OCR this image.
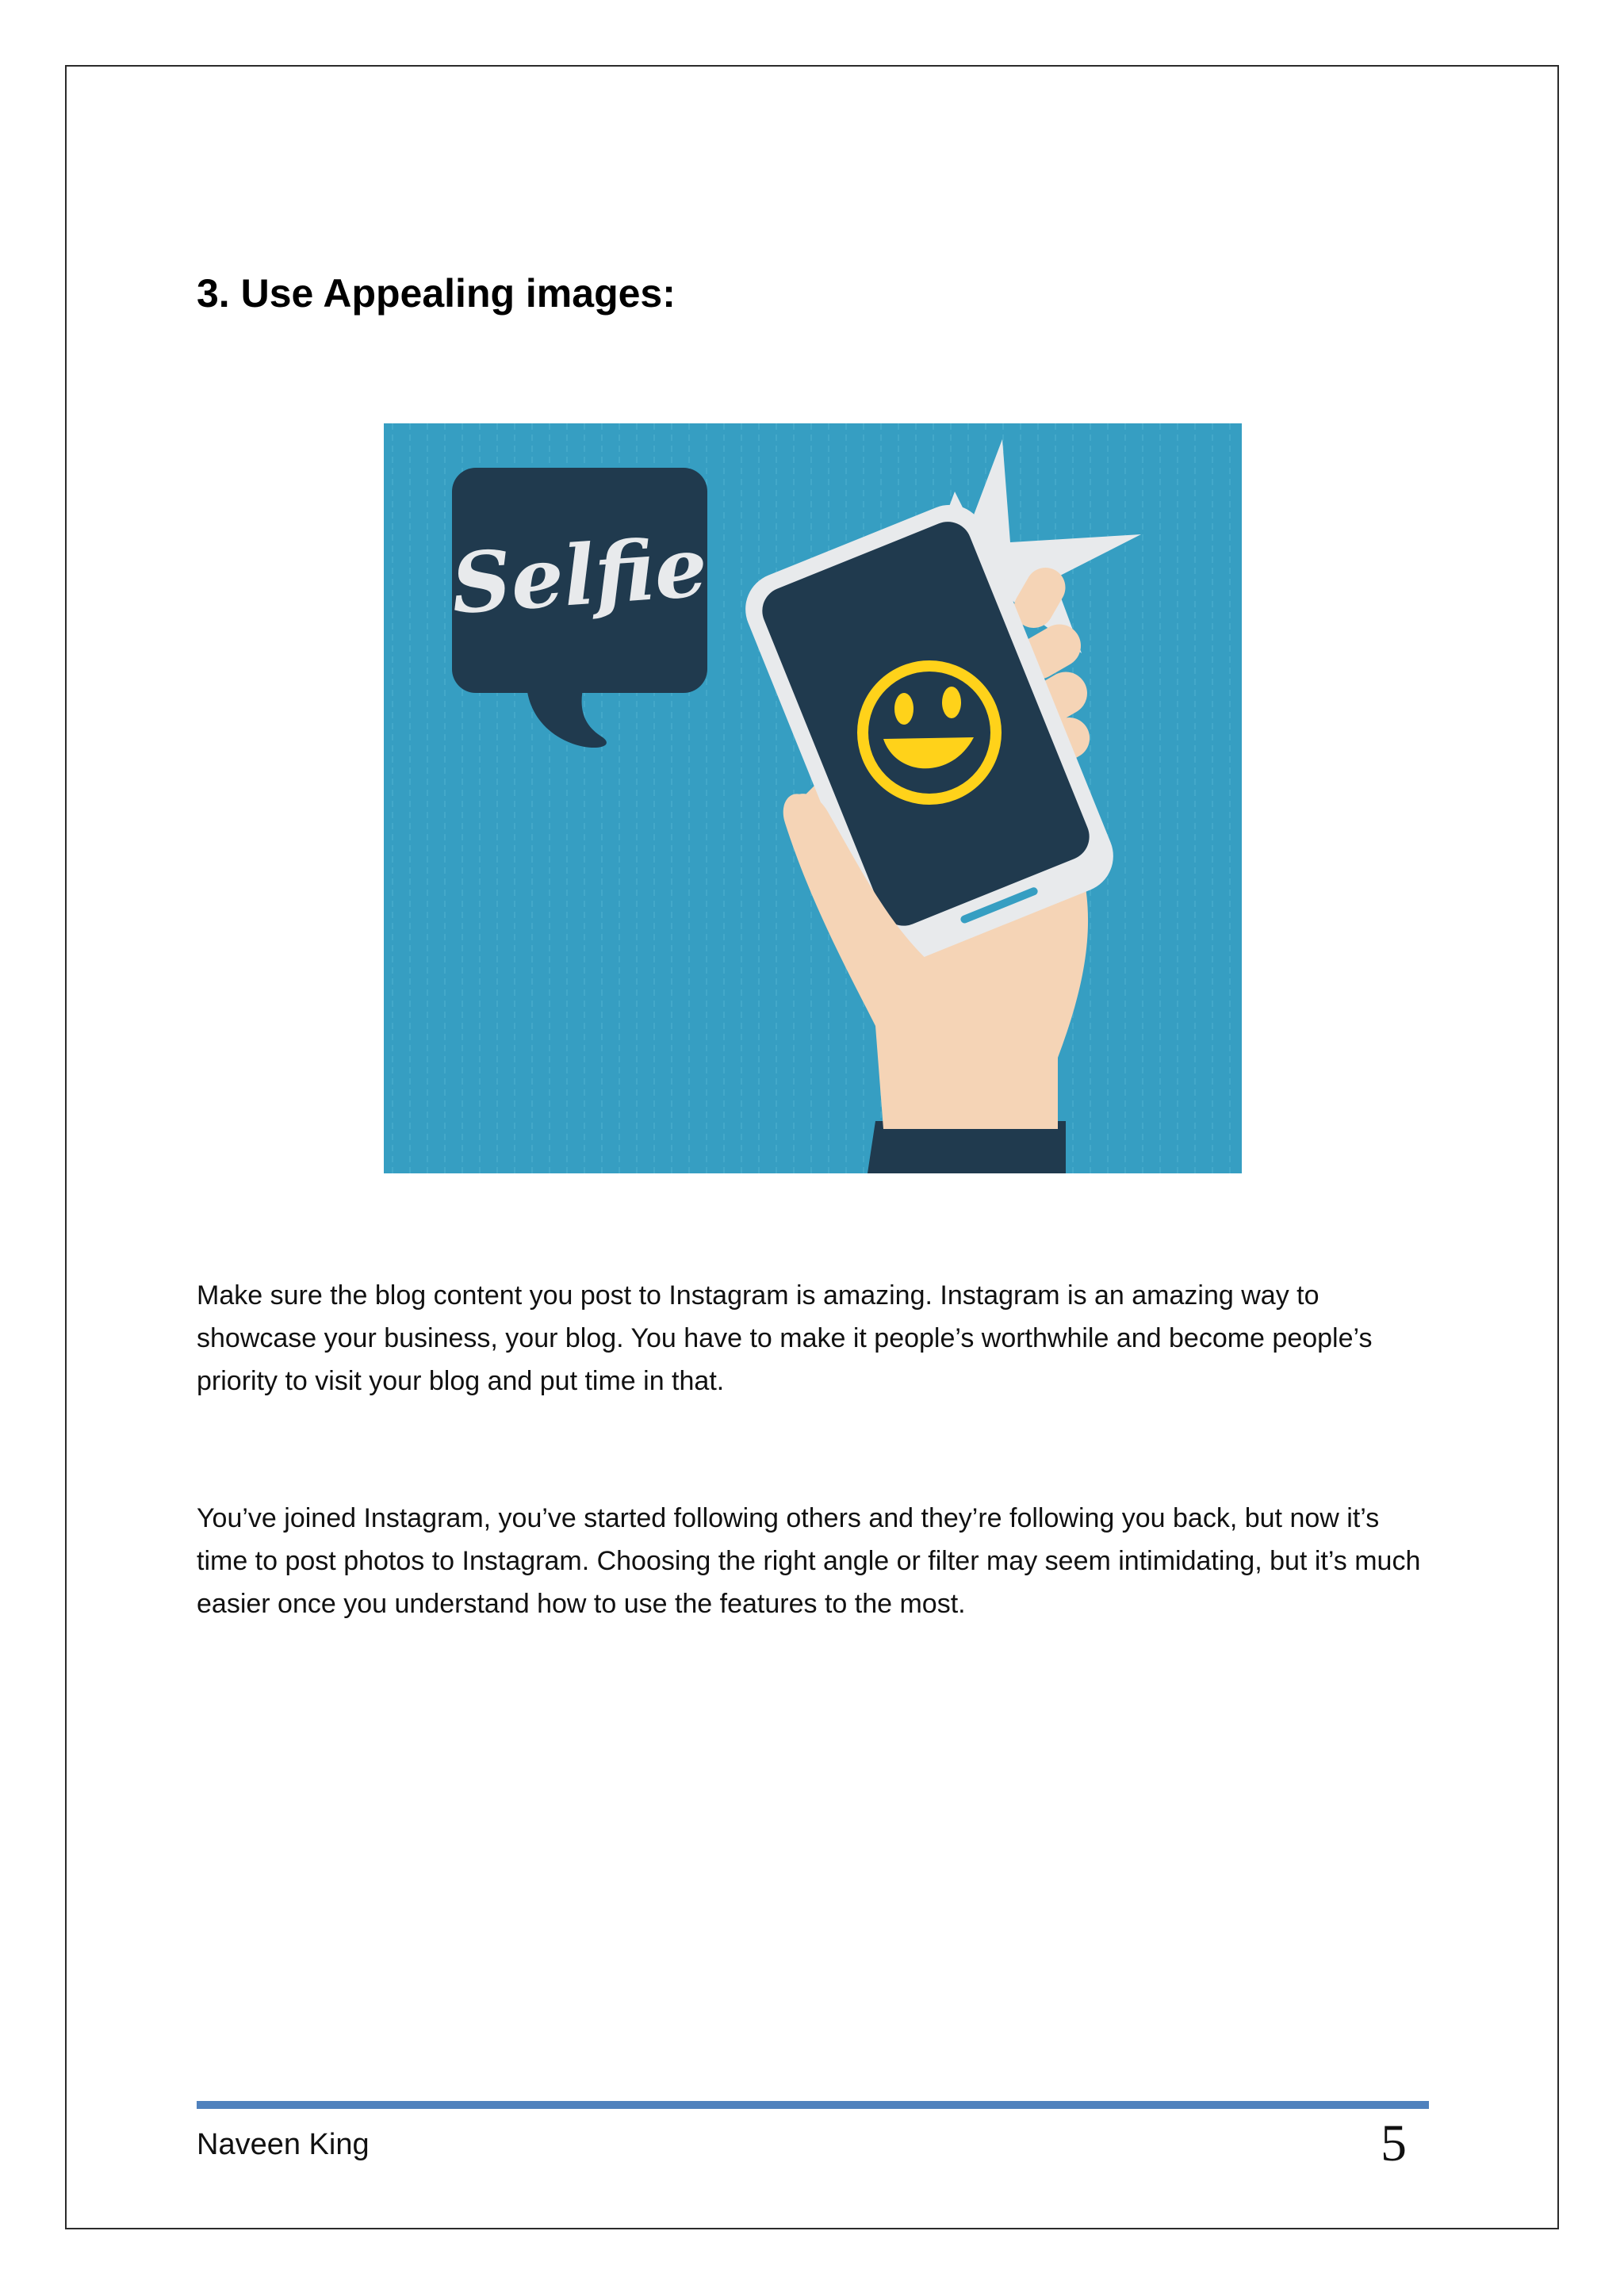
3. Use Appealing images:
Selfie

Make sure the blog content you post to Instagram is amazing. Instagram is an amazing way to showcase your business, your blog. You have to make it people’s worthwhile and become people’s priority to visit your blog and put time in that.

You’ve joined Instagram, you’ve started following others and they’re following you back, but now it’s time to post photos to Instagram. Choosing the right angle or filter may seem intimidating, but it’s much easier once you understand how to use the features to the most.

Naveen King	5
